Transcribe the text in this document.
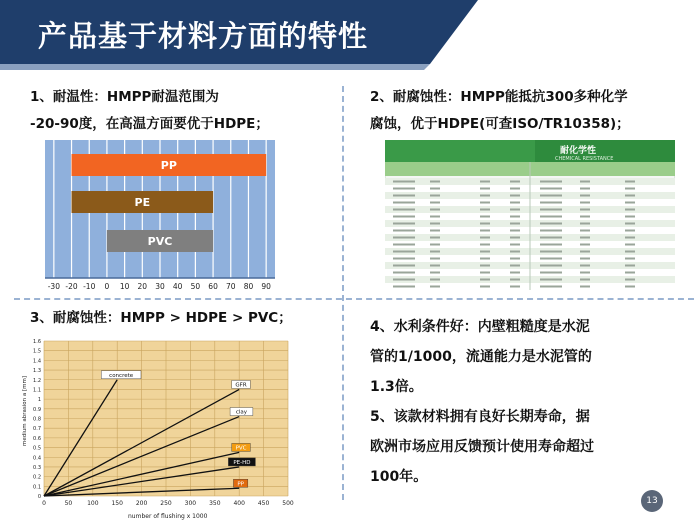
产品基于材料方面的特性
1、耐温性：HMPP耐温范围为
-20-90度，在高温方面要优于HDPE；
PP
PE
PVC
-30 -20 -10 0 10 20 30 40 50 60 70 80 90
2、耐腐蚀性：HMPP能抵抗300多种化学
腐蚀，优于HDPE(可查ISO/TR10358)；
耐化学性
CHEMICAL RESISTANCE
3、耐腐蚀性：HMPP > HDPE > PVC；
concrete
GFR
clay
PVC
PE-HD
PP
0	50 100 150 200 250 300 350 400 450 500
0
0.1
0.2
0.3
0.4
0.5
0.6
0.7
0.8
0.9
1
1.1
1.2
1.3
1.4
1.5
1.6
number of flushing x 1000
medium abrasion a [mm]
4、水利条件好：内壁粗糙度是水泥
管的1/1000，流通能力是水泥管的
1.3倍。
5、该款材料拥有良好长期寿命，据
欧洲市场应用反馈预计使用寿命超过
100年。
13
